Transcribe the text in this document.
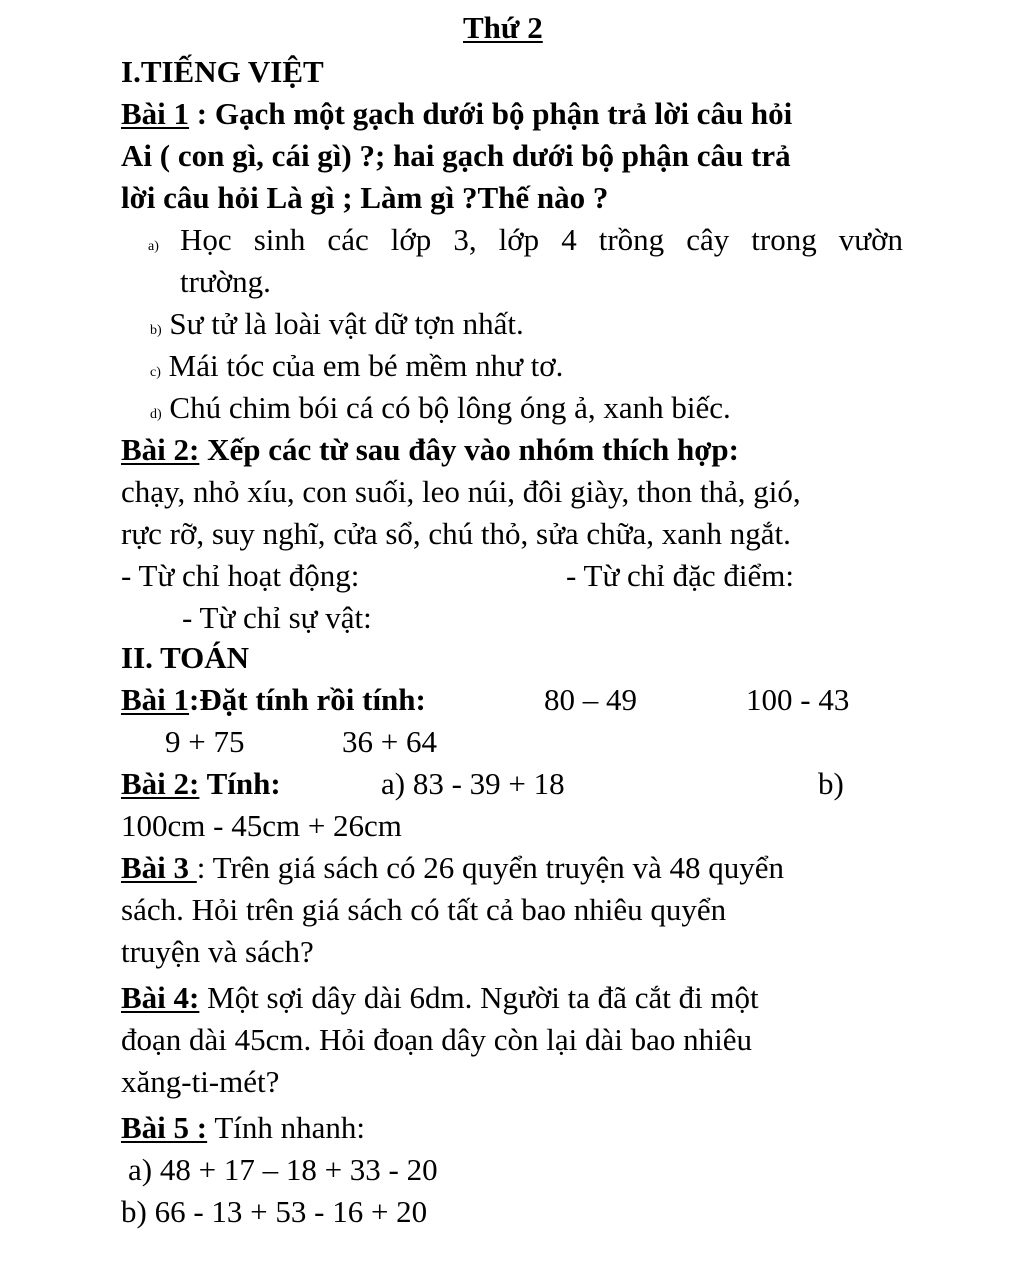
Thứ 2
I.TIẾNG VIỆT
Bài 1 : Gạch một gạch dưới bộ phận trả lời câu hỏi
Ai ( con gì, cái gì) ?; hai gạch dưới bộ phận câu trả
lời câu hỏi Là gì ; Làm gì ?Thế nào ?
a) Học sinh các lớp 3, lớp 4 trồng cây trong vườn
trường.
b) Sư tử là loài vật dữ tợn nhất.
c) Mái tóc của em bé mềm như tơ.
d) Chú chim bói cá có bộ lông óng ả, xanh biếc.
Bài 2: Xếp các từ sau đây vào nhóm thích hợp:
chạy, nhỏ xíu, con suối, leo núi, đôi giày, thon thả, gió,
rực rỡ, suy nghĩ, cửa sổ, chú thỏ, sửa chữa, xanh ngắt.
- Từ chỉ hoạt động:	- Từ chỉ đặc điểm:
- Từ chỉ sự vật:
II. TOÁN
Bài 1:Đặt tính rồi tính:	80 – 49	100 - 43
9 + 75	36 + 64
Bài 2: Tính:	a) 83 - 39 + 18	b)
100cm - 45cm + 26cm
Bài 3 : Trên giá sách có 26 quyển truyện và 48 quyển
sách. Hỏi trên giá sách có tất cả bao nhiêu quyển
truyện và sách?
Bài 4: Một sợi dây dài 6dm. Người ta đã cắt đi một
đoạn dài 45cm. Hỏi đoạn dây còn lại dài bao nhiêu
xăng-ti-mét?
Bài 5 : Tính nhanh:
a) 48 + 17 – 18 + 33 - 20
b) 66 - 13 + 53 - 16 + 20
